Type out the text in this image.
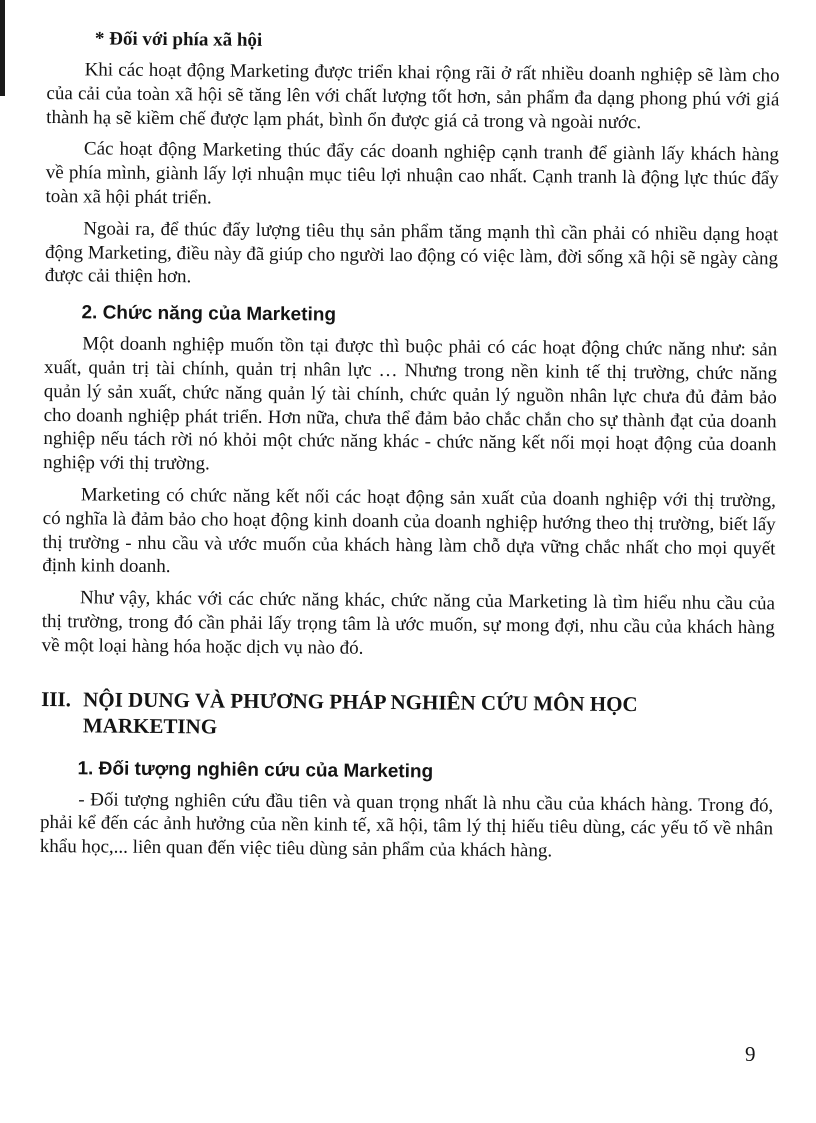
* Đối với phía xã hội

Khi các hoạt động Marketing được triển khai rộng rãi ở rất nhiều doanh nghiệp sẽ làm cho của cải của toàn xã hội sẽ tăng lên với chất lượng tốt hơn, sản phẩm đa dạng phong phú với giá thành hạ sẽ kiềm chế được lạm phát, bình ổn được giá cả trong và ngoài nước.

Các hoạt động Marketing thúc đẩy các doanh nghiệp cạnh tranh để giành lấy khách hàng về phía mình, giành lấy lợi nhuận mục tiêu lợi nhuận cao nhất. Cạnh tranh là động lực thúc đẩy toàn xã hội phát triển.

Ngoài ra, để thúc đẩy lượng tiêu thụ sản phẩm tăng mạnh thì cần phải có nhiều dạng hoạt động Marketing, điều này đã giúp cho người lao động có việc làm, đời sống xã hội sẽ ngày càng được cải thiện hơn.

2. Chức năng của Marketing

Một doanh nghiệp muốn tồn tại được thì buộc phải có các hoạt động chức năng như: sản xuất, quản trị tài chính, quản trị nhân lực … Nhưng trong nền kinh tế thị trường, chức năng quản lý sản xuất, chức năng quản lý tài chính, chức quản lý nguồn nhân lực chưa đủ đảm bảo cho doanh nghiệp phát triển. Hơn nữa, chưa thể đảm bảo chắc chắn cho sự thành đạt của doanh nghiệp nếu tách rời nó khỏi một chức năng khác - chức năng kết nối mọi hoạt động của doanh nghiệp với thị trường.

Marketing có chức năng kết nối các hoạt động sản xuất của doanh nghiệp với thị trường, có nghĩa là đảm bảo cho hoạt động kinh doanh của doanh nghiệp hướng theo thị trường, biết lấy thị trường - nhu cầu và ước muốn của khách hàng làm chỗ dựa vững chắc nhất cho mọi quyết định kinh doanh.

Như vậy, khác với các chức năng khác, chức năng của Marketing là tìm hiểu nhu cầu của thị trường, trong đó cần phải lấy trọng tâm là ước muốn, sự mong đợi, nhu cầu của khách hàng về một loại hàng hóa hoặc dịch vụ nào đó.

III. NỘI DUNG VÀ PHƯƠNG PHÁP NGHIÊN CỨU MÔN HỌC MARKETING
1. Đối tượng nghiên cứu của Marketing

- Đối tượng nghiên cứu đầu tiên và quan trọng nhất là nhu cầu của khách hàng. Trong đó, phải kể đến các ảnh hưởng của nền kinh tế, xã hội, tâm lý thị hiếu tiêu dùng, các yếu tố về nhân khẩu học,... liên quan đến việc tiêu dùng sản phẩm của khách hàng.

9
